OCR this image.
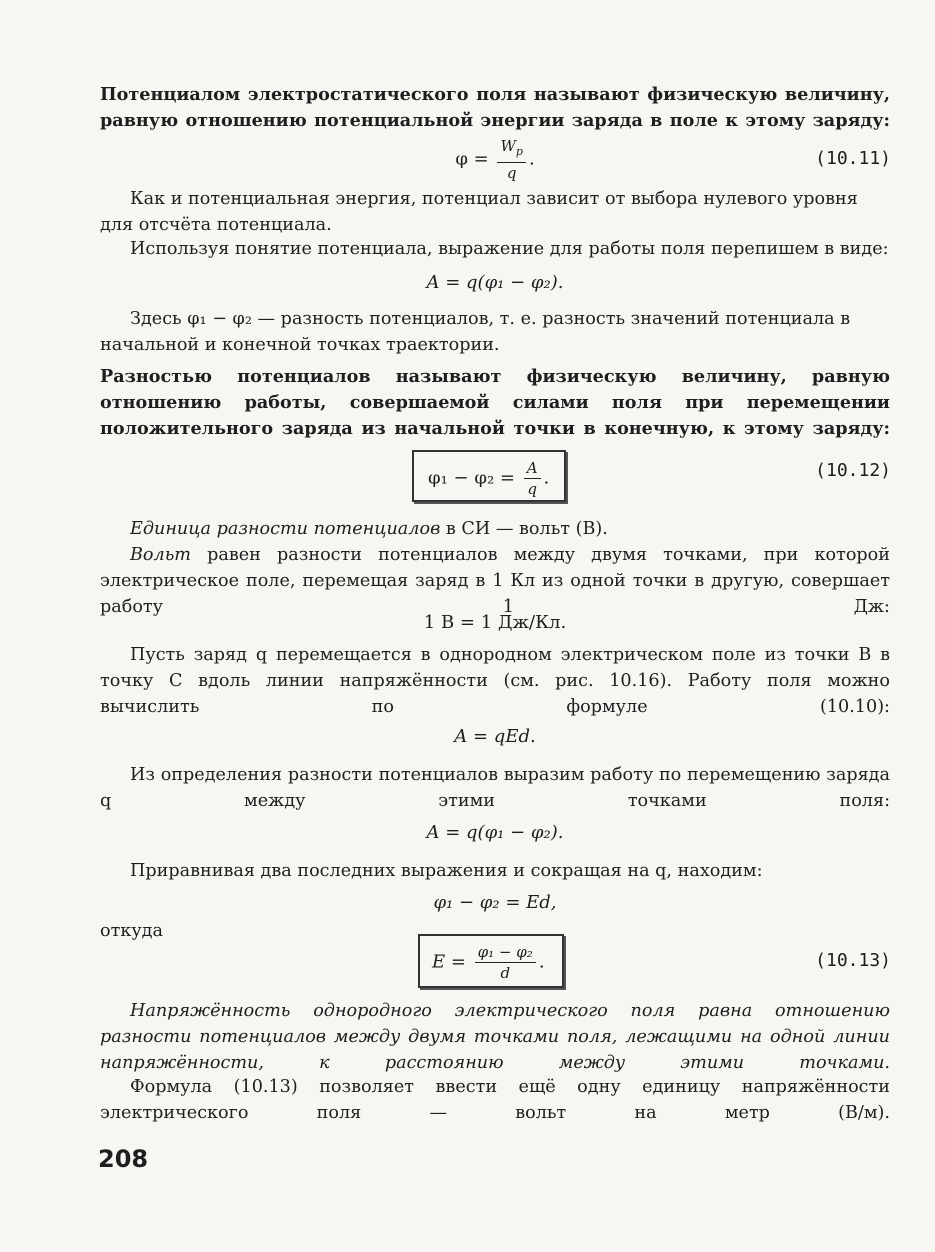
Потенциалом электростатического поля называют физическую величину, равную отношению потенциальной энергии заряда в поле к этому заряду:

$\varphi = \frac{W_p}{q}$ .	(10.11)

Как и потенциальная энергия, потенциал зависит от выбора нулевого уровня для отсчёта потенциала.

Используя понятие потенциала, выражение для работы поля перепишем в виде:

A = q(φ₁ − φ₂).

Здесь φ₁ − φ₂ — разность потенциалов, т. е. разность значений потенциала в начальной и конечной точках траектории.

Разностью потенциалов называют физическую величину, равную отношению работы, совершаемой силами поля при перемещении положительного заряда из начальной точки в конечную, к этому заряду:

$\varphi_1 - \varphi_2 = \frac{A}{q}$ .	(10.12)

Единица разности потенциалов в СИ — вольт (В).

Вольт равен разности потенциалов между двумя точками, при которой электрическое поле, перемещая заряд в 1 Кл из одной точки в другую, совершает работу 1 Дж:

1 В = 1 Дж/Кл.

Пусть заряд q перемещается в однородном электрическом поле из точки B в точку C вдоль линии напряжённости (см. рис. 10.16). Работу поля можно вычислить по формуле (10.10):

A = qEd.

Из определения разности потенциалов выразим работу по перемещению заряда q между этими точками поля:

A = q(φ₁ − φ₂).

Приравнивая два последних выражения и сокращая на q, находим:

φ₁ − φ₂ = Ed,

откуда

$E = \frac{\text{φ₁ − φ₂}}{d}$ .	(10.13)

Напряжённость однородного электрического поля равна отношению разности потенциалов между двумя точками поля, лежащими на одной линии напряжённости, к расстоянию между этими точками.

Формула (10.13) позволяет ввести ещё одну единицу напряжённости электрического поля — вольт на метр (В/м).

208
